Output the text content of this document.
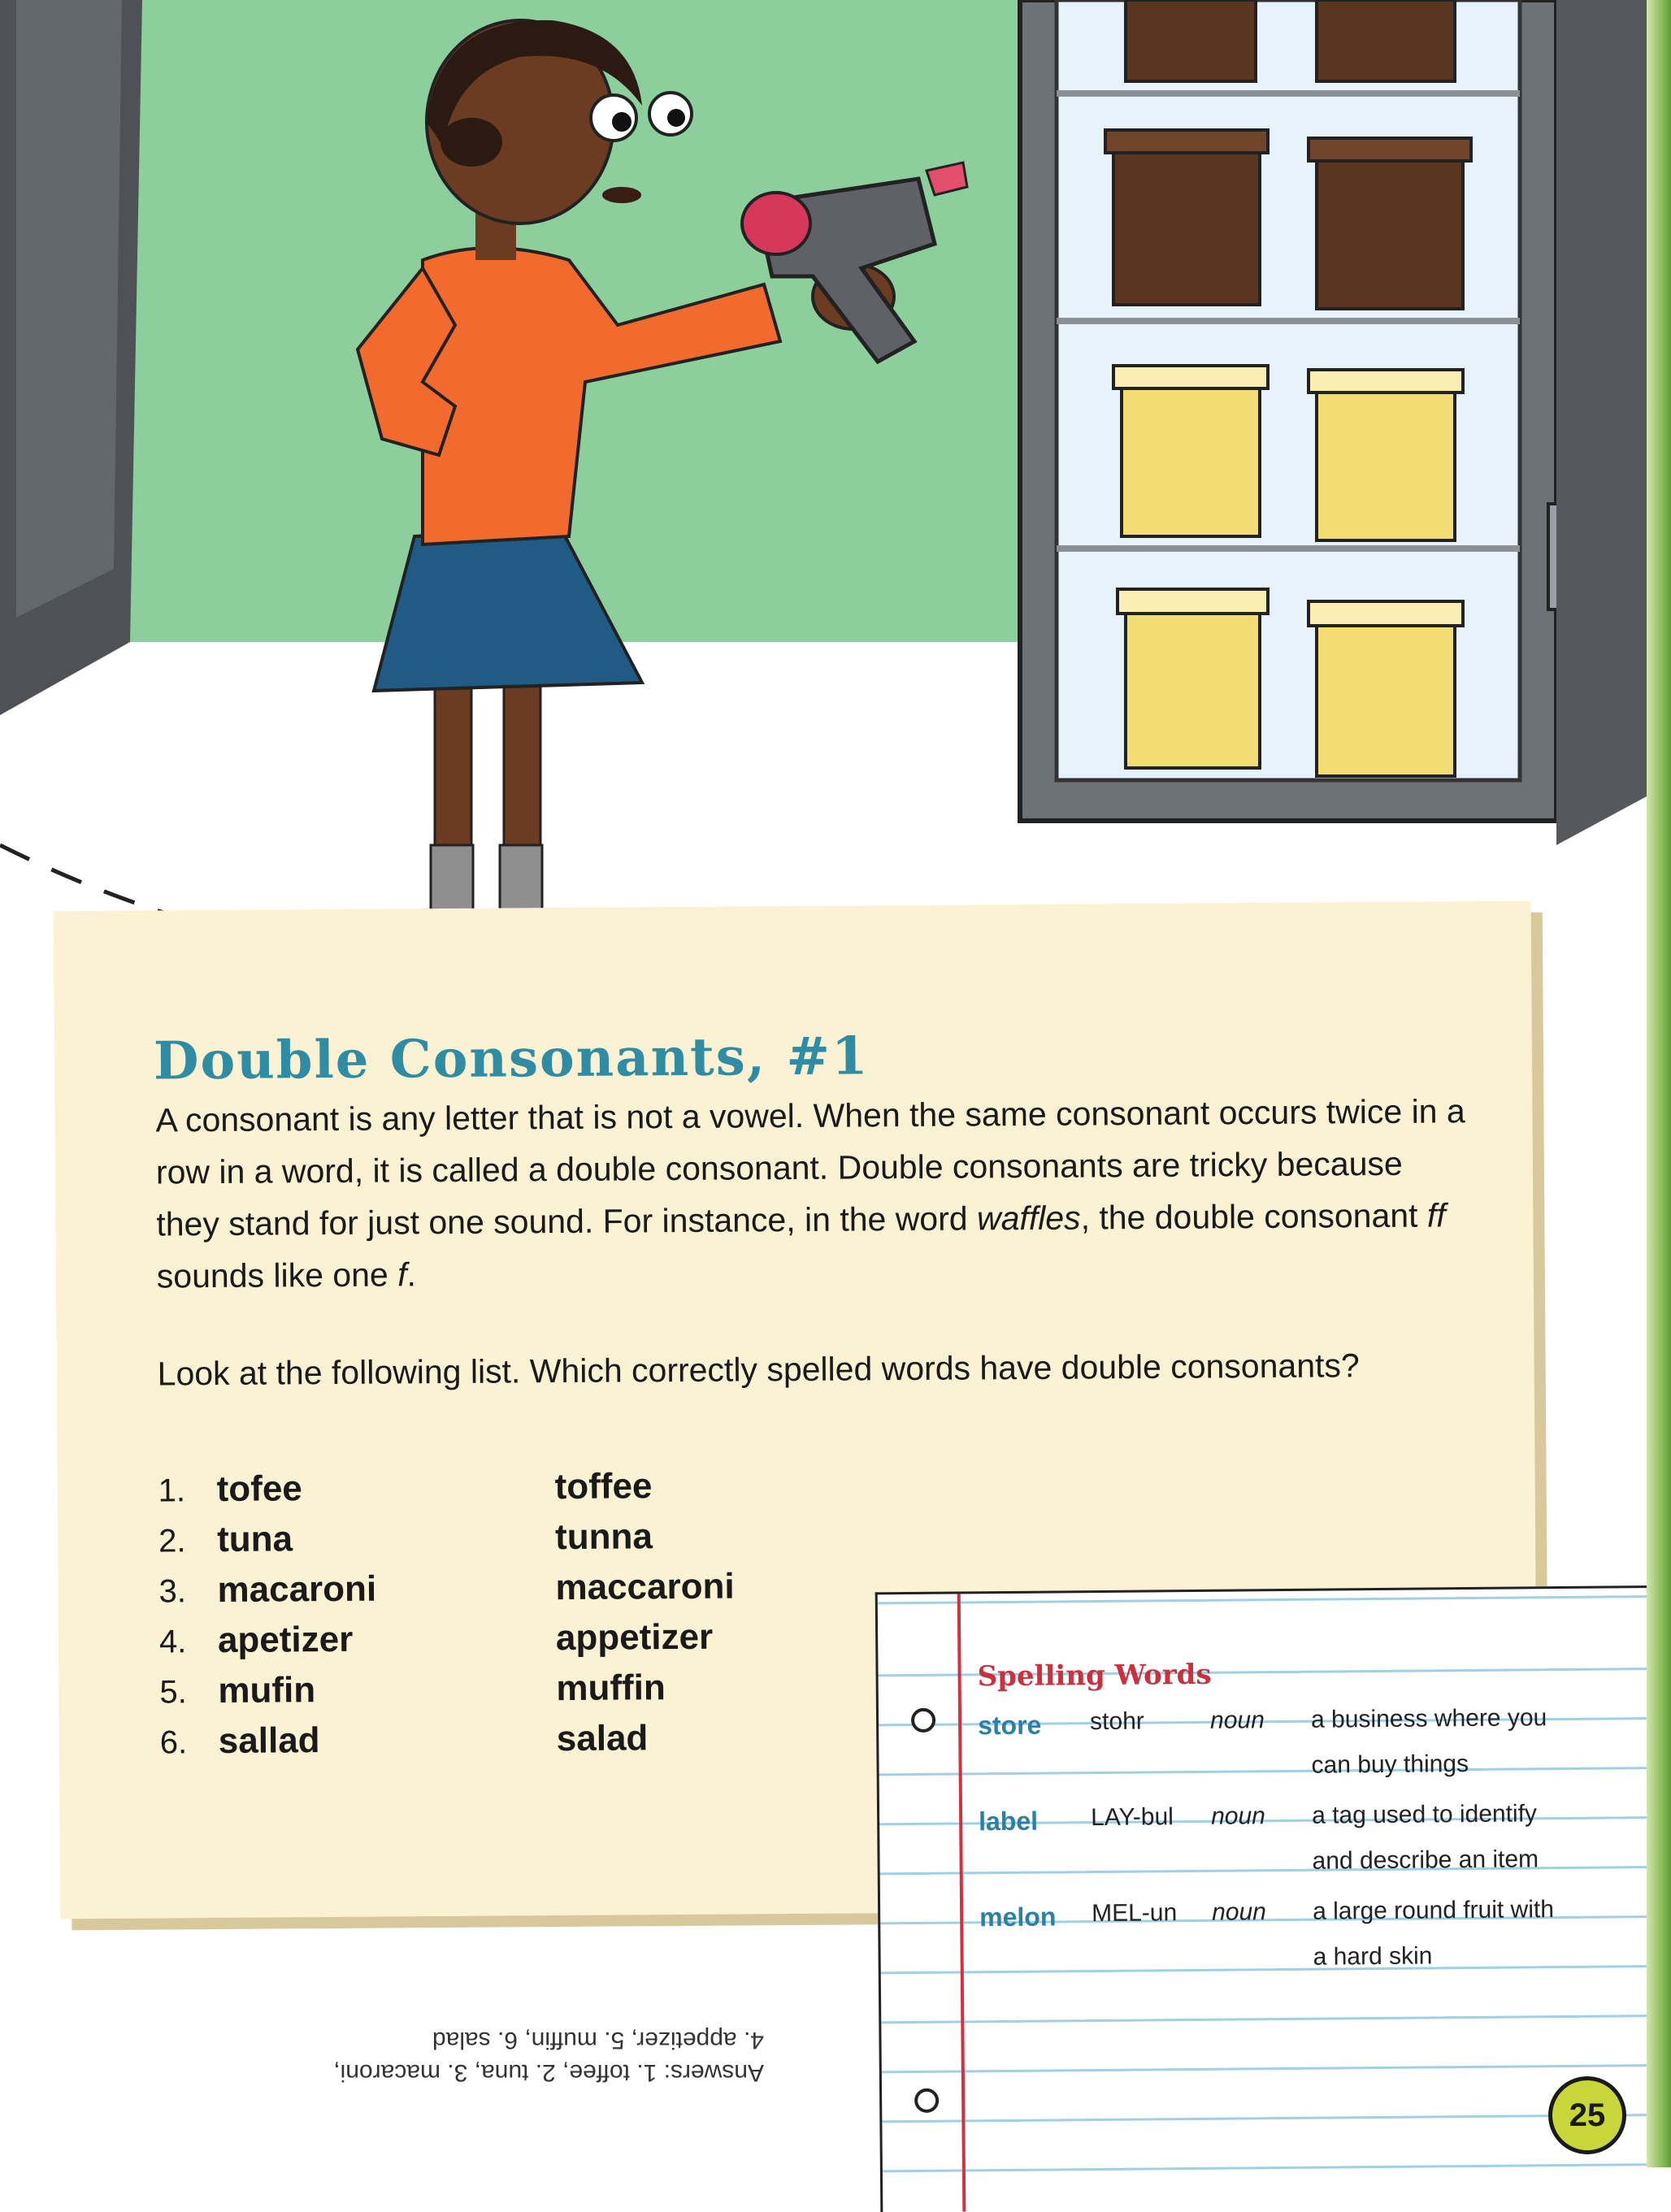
Double Consonants, #1

A consonant is any letter that is not a vowel. When the same consonant occurs twice in a row in a word, it is called a double consonant. Double consonants are tricky because they stand for just one sound. For instance, in the word waffles, the double consonant ff sounds like one f.

Look at the following list. Which correctly spelled words have double consonants?

1. tofee	toffee
2. tuna	tunna
3. macaroni	maccaroni
4. apetizer	appetizer
5. mufin	muffin
6. sallad	salad
Spelling Words
store stohr	noun a business where you
can buy things
label LAY-bul noun a tag used to identify
and describe an item
melon MEL-un noun a large round fruit with
a hard skin

Answers: 1. toffee, 2. tuna, 3. macaroni,

4. appetizer, 5. muffin, 6. salad

25
